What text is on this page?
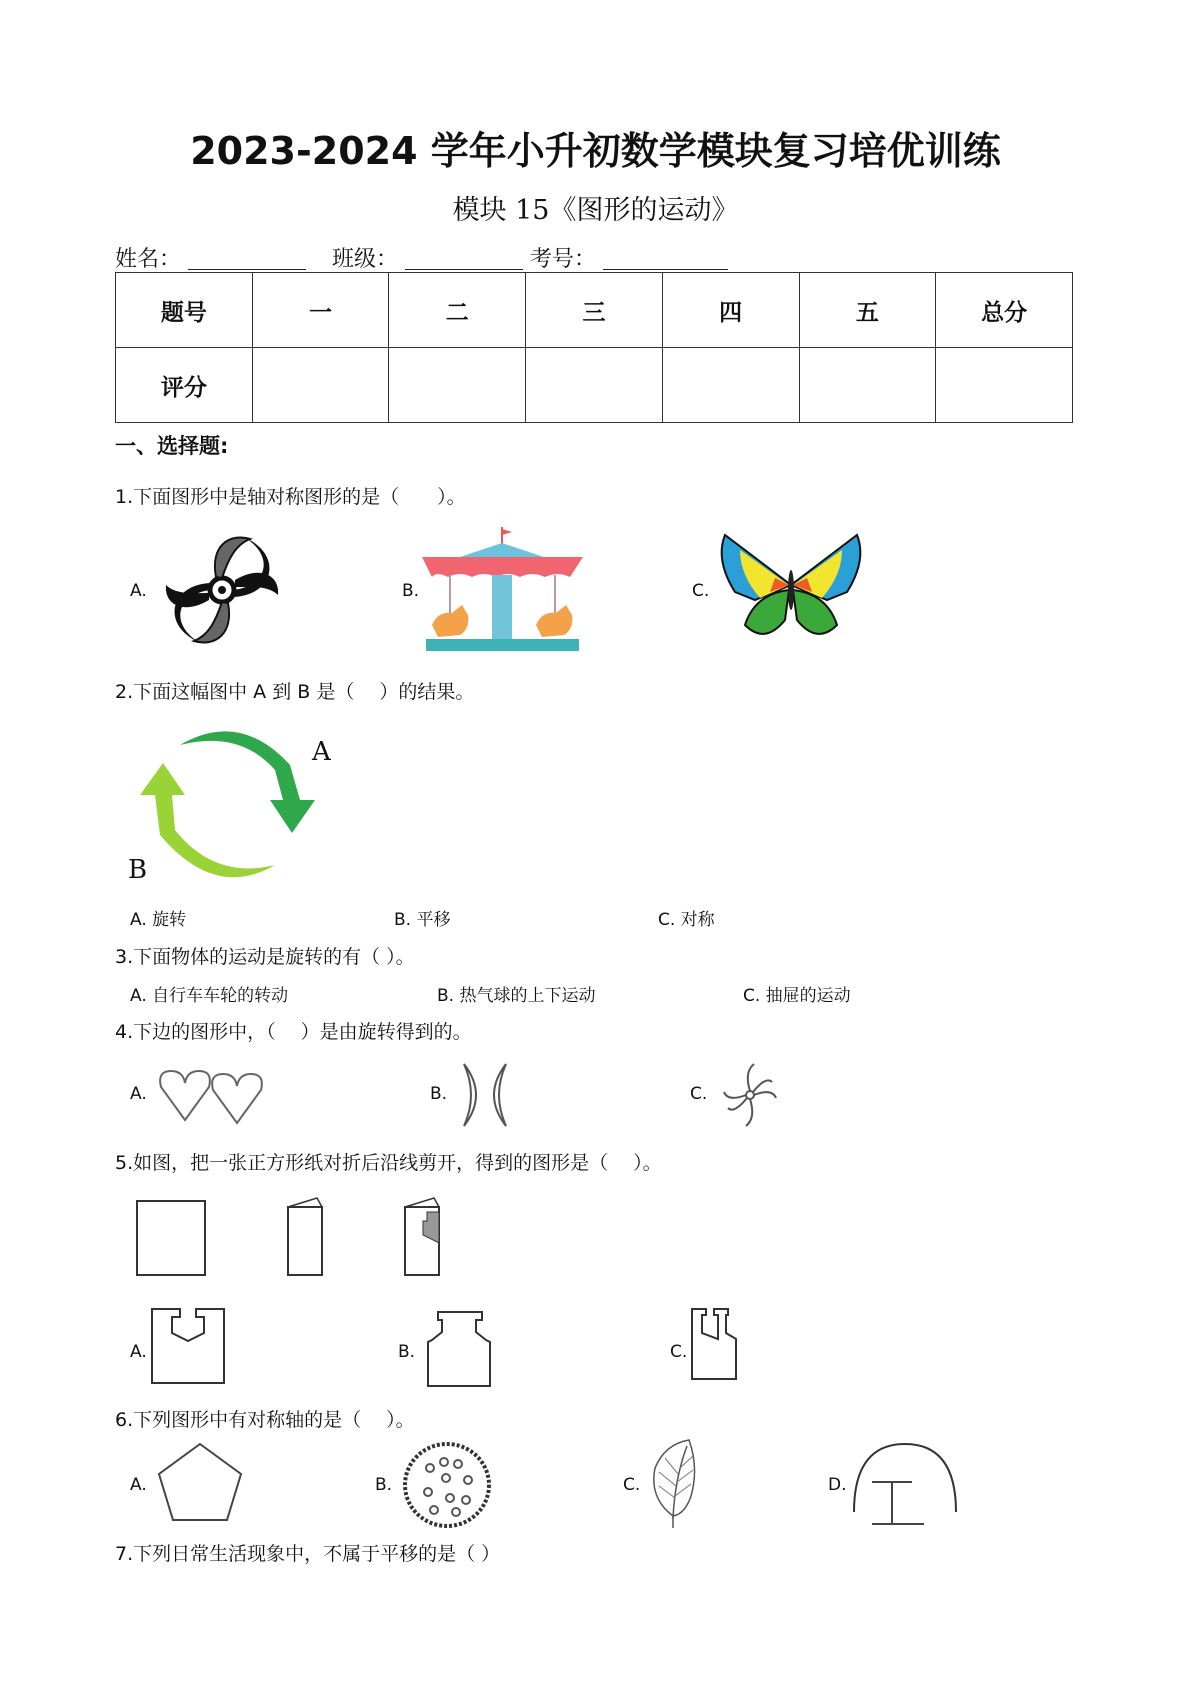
2023-2024 学年小升初数学模块复习培优训练
模块 15《图形的运动》
姓名：	班级：	考号：
题号	一	二	三	四	五	总分
评分						
一、选择题:
1.下面图形中是轴对称图形的是（　　）。
A.	B.	C.
2.下面这幅图中 A 到 B 是（　 ）的结果。
A
B
A. 旋转	B. 平移	C. 对称
3.下面物体的运动是旋转的有（ ）。
A. 自行车车轮的转动	B. 热气球的上下运动	C. 抽屉的运动
4.下边的图形中，（　 ）是由旋转得到的。
A.	B.	C.
5.如图，把一张正方形纸对折后沿线剪开，得到的图形是（　 ）。
A.	B.	C.
6.下列图形中有对称轴的是（　 ）。
A.	B.	C.	D.
7.下列日常生活现象中，不属于平移的是（ ）
